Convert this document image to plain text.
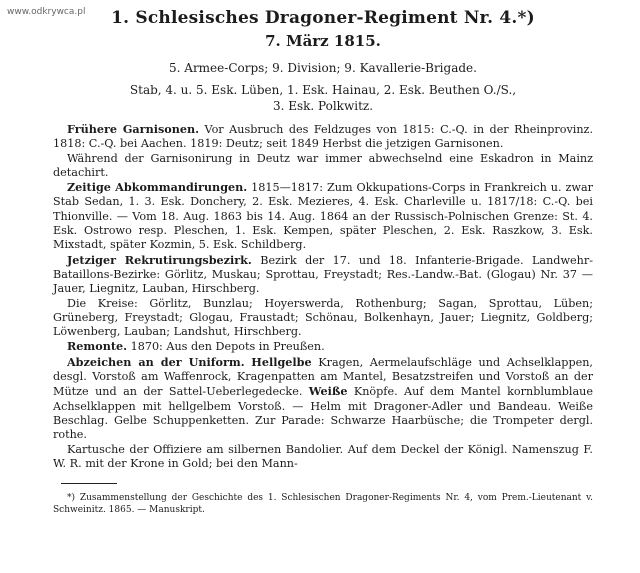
www.odkrywca.pl	1. Schlesisches Dragoner-Regiment Nr. 4.*)
7. März 1815.
5. Armee-Corps; 9. Division; 9. Kavallerie-Brigade.
Stab, 4. u. 5. Esk. Lüben, 1. Esk. Hainau, 2. Esk. Beuthen O./S.,
3. Esk. Polkwitz.

Frühere Garnisonen. Vor Ausbruch des Feldzuges von 1815: C.-Q. in der Rheinprovinz. 1818: C.-Q. bei Aachen. 1819: Deutz; seit 1849 Herbst die jetzigen Garnisonen.

Während der Garnisonirung in Deutz war immer abwechselnd eine Eskadron in Mainz detachirt.

Zeitige Abkommandirungen. 1815—1817: Zum Okkupations-Corps in Frankreich u. zwar Stab Sedan, 1. 3. Esk. Donchery, 2. Esk. Mezieres, 4. Esk. Charleville u. 1817/18: C.-Q. bei Thionville. — Vom 18. Aug. 1863 bis 14. Aug. 1864 an der Russisch-Polnischen Grenze: St. 4. Esk. Ostrowo resp. Pleschen, 1. Esk. Kempen, später Pleschen, 2. Esk. Raszkow, 3. Esk. Mixstadt, später Kozmin, 5. Esk. Schildberg.

Jetziger Rekrutirungsbezirk. Bezirk der 17. und 18. Infanterie-Brigade. Landwehr-Bataillons-Bezirke: Görlitz, Muskau; Sprottau, Freystadt; Res.-Landw.-Bat. (Glogau) Nr. 37 — Jauer, Liegnitz, Lauban, Hirschberg.

Die Kreise: Görlitz, Bunzlau; Hoyerswerda, Rothenburg; Sagan, Sprottau, Lüben; Grüneberg, Freystadt; Glogau, Fraustadt; Schönau, Bolkenhayn, Jauer; Liegnitz, Goldberg; Löwenberg, Lauban; Landshut, Hirschberg.

Remonte. 1870: Aus den Depots in Preußen.

Abzeichen an der Uniform. Hellgelbe Kragen, Aermelaufschläge und Achselklappen, desgl. Vorstoß am Waffenrock, Kragenpatten am Mantel, Besatzstreifen und Vorstoß an der Mütze und an der Sattel-Ueberlegedecke. Weiße Knöpfe. Auf dem Mantel kornblumblaue Achselklappen mit hellgelbem Vorstoß. — Helm mit Dragoner-Adler und Bandeau. Weiße Beschlag. Gelbe Schuppenketten. Zur Parade: Schwarze Haarbüsche; die Trompeter dergl. rothe.

Kartusche der Offiziere am silbernen Bandolier. Auf dem Deckel der Königl. Namenszug F. W. R. mit der Krone in Gold; bei den Mann-

*) Zusammenstellung der Geschichte des 1. Schlesischen Dragoner-Regiments Nr. 4, vom Prem.-Lieutenant v. Schweinitz. 1865. — Manuskript.
